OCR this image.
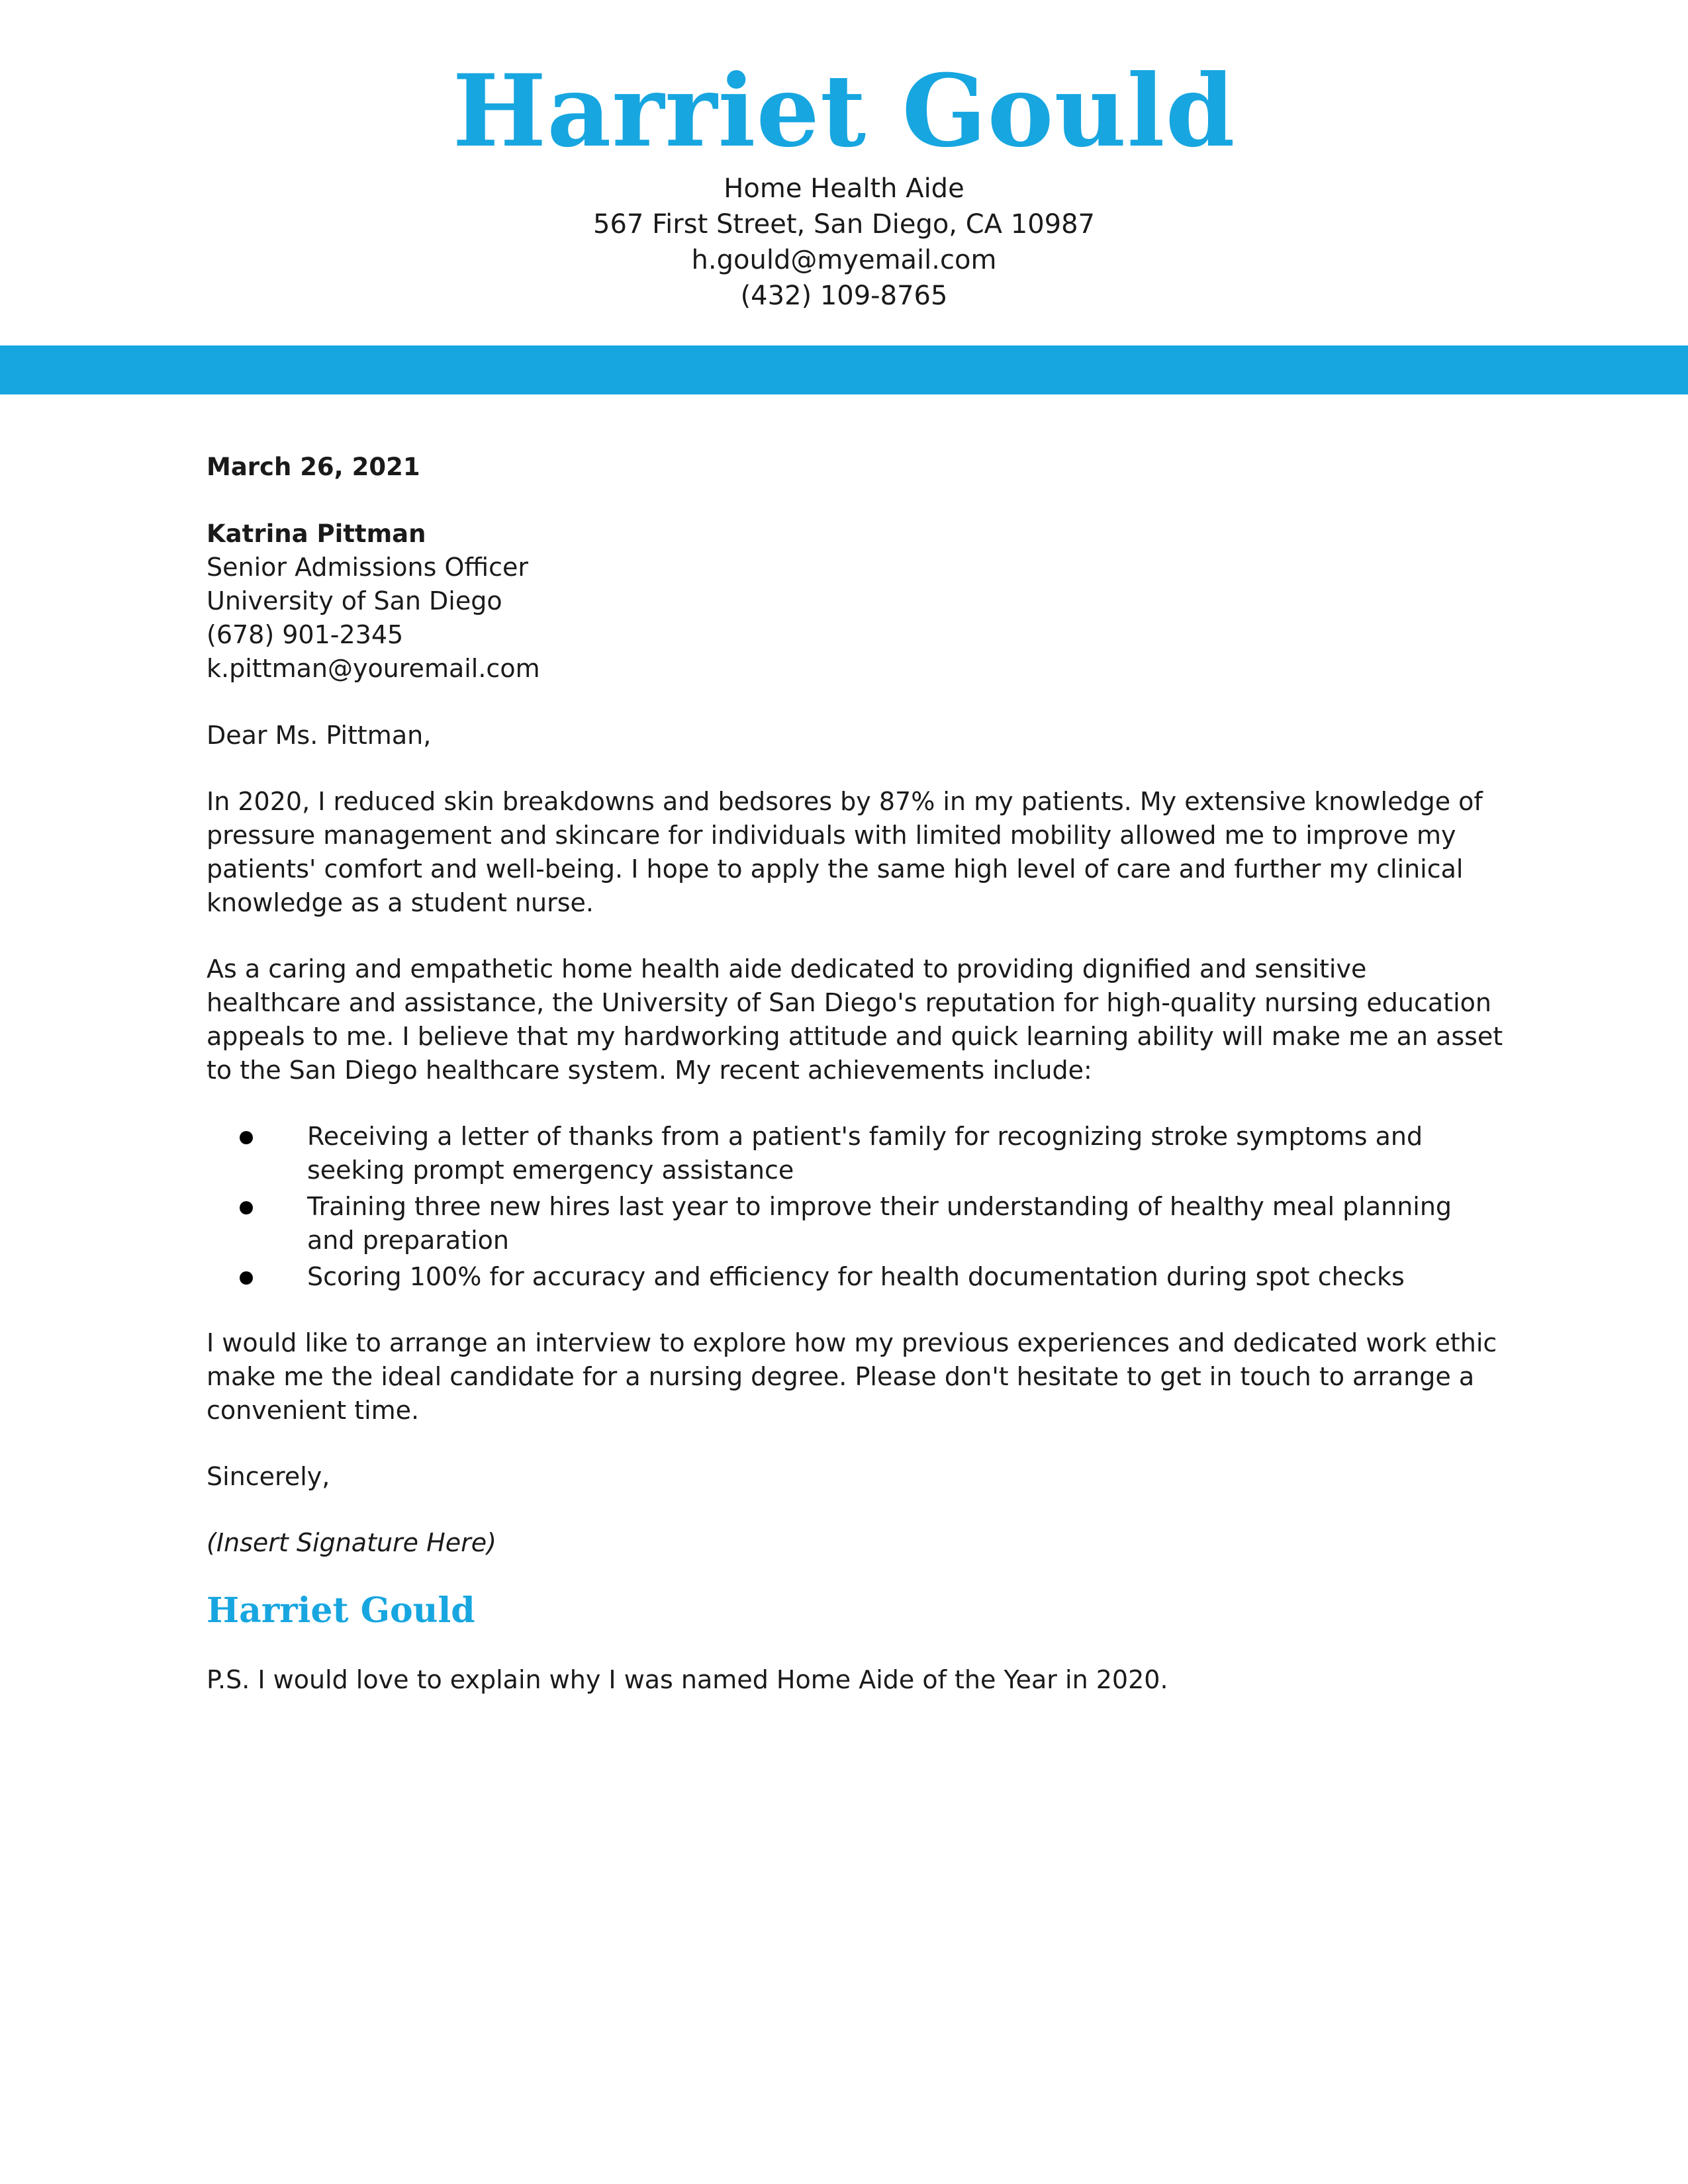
Harriet Gould
Home Health Aide
567 First Street, San Diego, CA 10987
h.gould@myemail.com
(432) 109-8765
March 26, 2021
Katrina Pittman
Senior Admissions Officer
University of San Diego
(678) 901-2345
k.pittman@youremail.com
Dear Ms. Pittman,

In 2020, I reduced skin breakdowns and bedsores by 87% in my patients. My extensive knowledge of pressure management and skincare for individuals with limited mobility allowed me to improve my patients' comfort and well-being. I hope to apply the same high level of care and further my clinical knowledge as a student nurse.

As a caring and empathetic home health aide dedicated to providing dignified and sensitive healthcare and assistance, the University of San Diego's reputation for high-quality nursing education appeals to me. I believe that my hardworking attitude and quick learning ability will make me an asset to the San Diego healthcare system. My recent achievements include:

Receiving a letter of thanks from a patient's family for recognizing stroke symptoms and seeking prompt emergency assistance
Training three new hires last year to improve their understanding of healthy meal planning and preparation
Scoring 100% for accuracy and efficiency for health documentation during spot checks

I would like to arrange an interview to explore how my previous experiences and dedicated work ethic make me the ideal candidate for a nursing degree. Please don't hesitate to get in touch to arrange a convenient time.

Sincerely,
(Insert Signature Here)
Harriet Gould
P.S. I would love to explain why I was named Home Aide of the Year in 2020.
